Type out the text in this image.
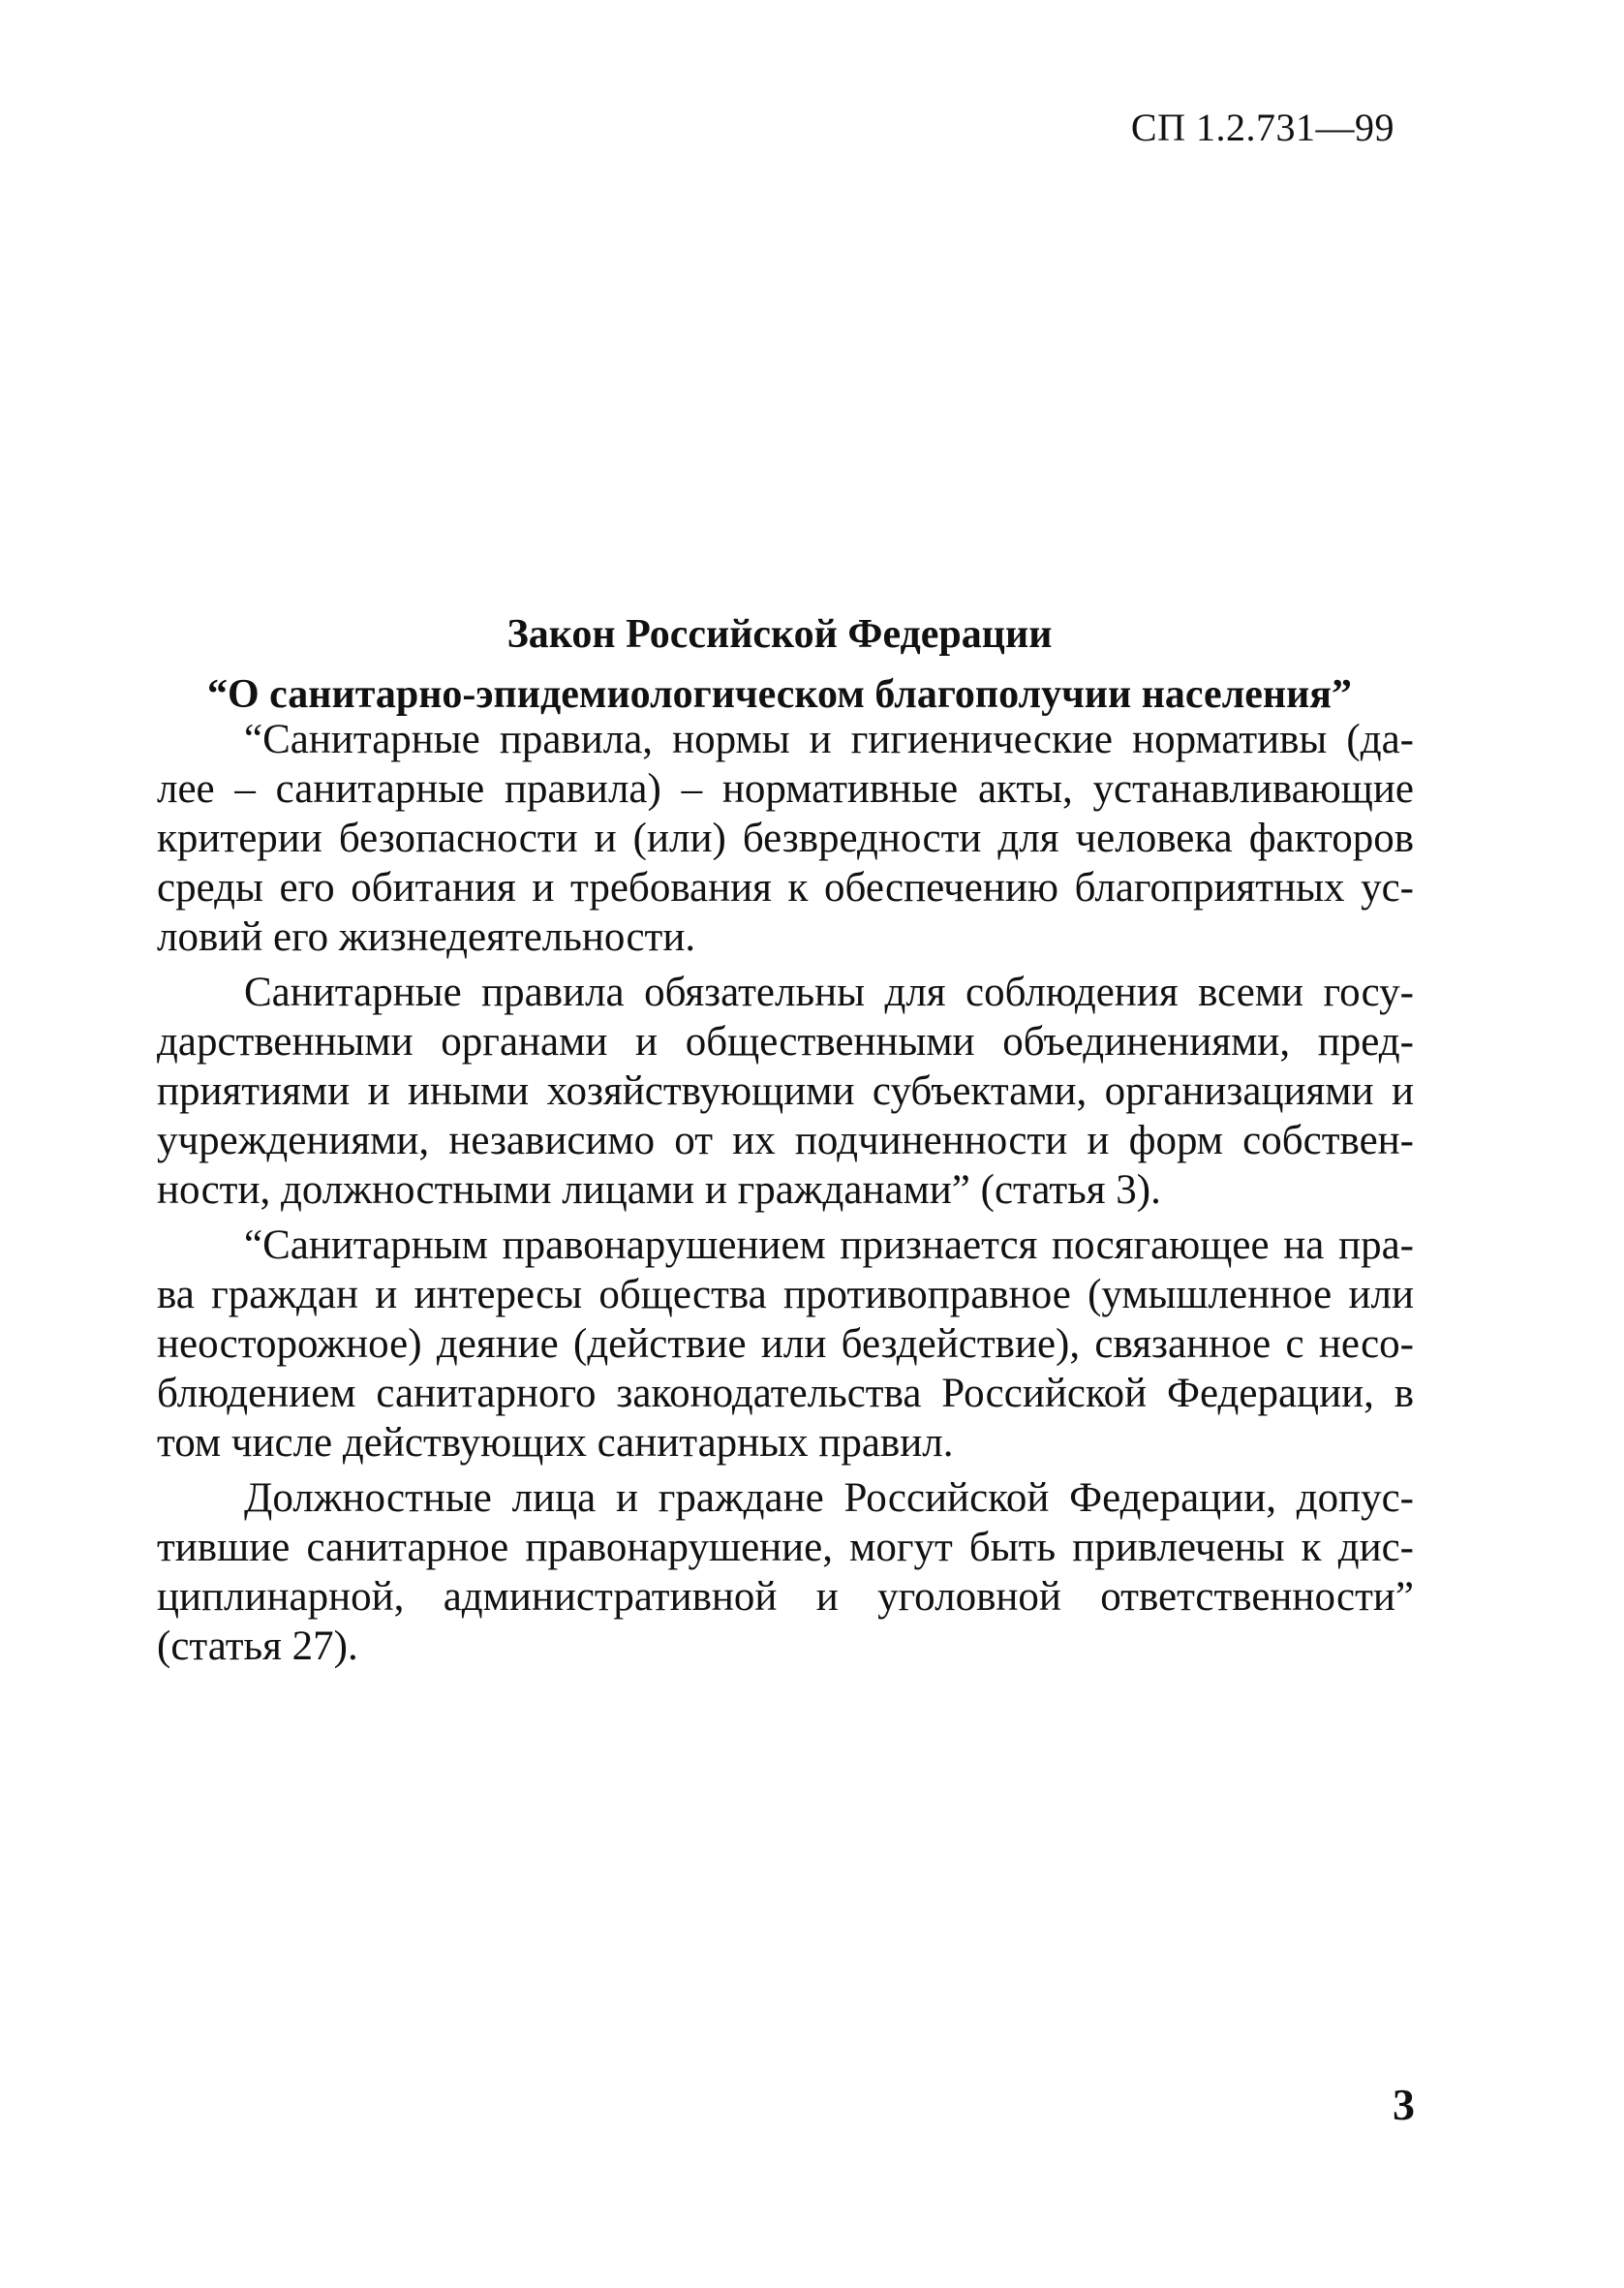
СП 1.2.731—99
Закон Российской Федерации
“О санитарно-эпидемиологическом благополучии населения”
“Санитарные правила, нормы и гигиенические нормативы (да-
лее – санитарные правила) – нормативные акты, устанавливающие
критерии безопасности и (или) безвредности для человека факторов
среды его обитания и требования к обеспечению благоприятных ус-
ловий его жизнедеятельности.
Санитарные правила обязательны для соблюдения всеми госу-
дарственными органами и общественными объединениями, пред-
приятиями и иными хозяйствующими субъектами, организациями и
учреждениями, независимо от их подчиненности и форм собствен-
ности, должностными лицами и гражданами” (статья 3).
“Санитарным правонарушением признается посягающее на пра-
ва граждан и интересы общества противоправное (умышленное или
неосторожное) деяние (действие или бездействие), связанное с несо-
блюдением санитарного законодательства Российской Федерации, в
том числе действующих санитарных правил.
Должностные лица и граждане Российской Федерации, допус-
тившие санитарное правонарушение, могут быть привлечены к дис-
циплинарной, административной и уголовной ответственности”
(статья 27).
3
